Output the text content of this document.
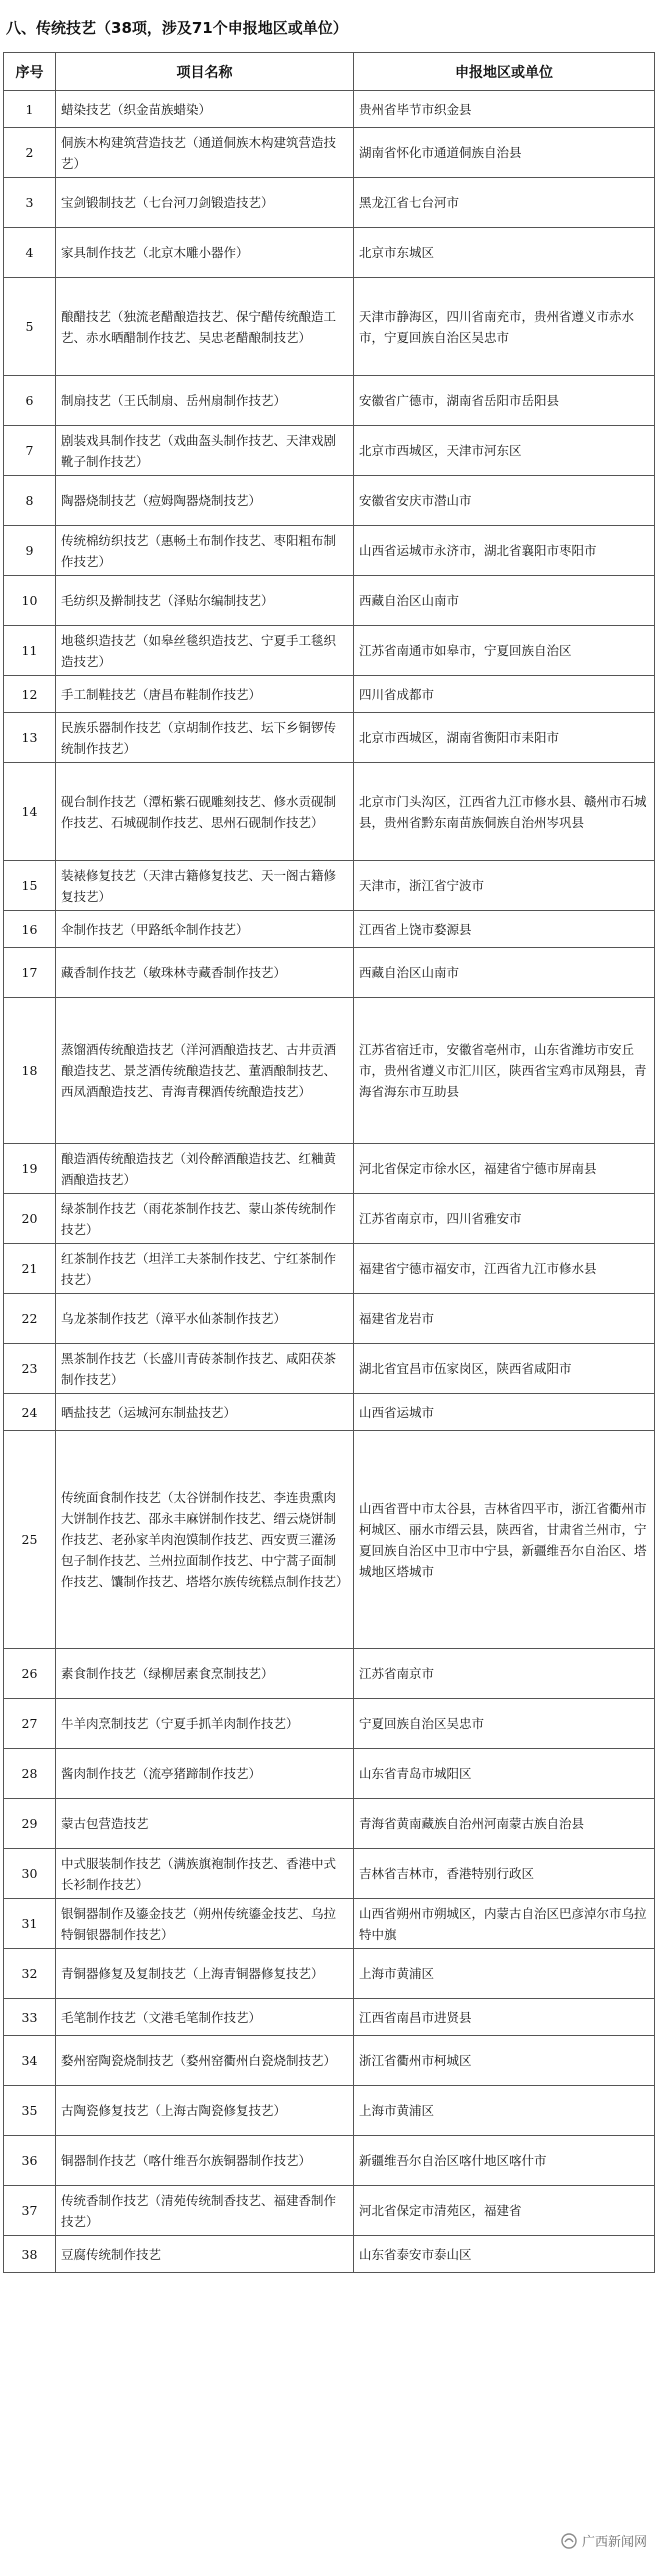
八、传统技艺（38项，涉及71个申报地区或单位）
序号	项目名称	申报地区或单位
1	蜡染技艺（织金苗族蜡染）	贵州省毕节市织金县
2	侗族木构建筑营造技艺（通道侗族木构建筑营造技艺）	湖南省怀化市通道侗族自治县
3	宝剑锻制技艺（七台河刀剑锻造技艺）	黑龙江省七台河市
4	家具制作技艺（北京木雕小器作）	北京市东城区
5	酿醋技艺（独流老醋酿造技艺、保宁醋传统酿造工艺、赤水晒醋制作技艺、吴忠老醋酿制技艺）	天津市静海区，四川省南充市，贵州省遵义市赤水市，宁夏回族自治区吴忠市
6	制扇技艺（王氏制扇、岳州扇制作技艺）	安徽省广德市，湖南省岳阳市岳阳县
7	剧装戏具制作技艺（戏曲盔头制作技艺、天津戏剧靴子制作技艺）	北京市西城区，天津市河东区
8	陶器烧制技艺（痘姆陶器烧制技艺）	安徽省安庆市潜山市
9	传统棉纺织技艺（惠畅土布制作技艺、枣阳粗布制作技艺）	山西省运城市永济市，湖北省襄阳市枣阳市
10	毛纺织及擀制技艺（泽贴尔编制技艺）	西藏自治区山南市
11	地毯织造技艺（如皋丝毯织造技艺、宁夏手工毯织造技艺）	江苏省南通市如皋市，宁夏回族自治区
12	手工制鞋技艺（唐昌布鞋制作技艺）	四川省成都市
13	民族乐器制作技艺（京胡制作技艺、坛下乡铜锣传统制作技艺）	北京市西城区，湖南省衡阳市耒阳市
14	砚台制作技艺（潭柘紫石砚雕刻技艺、修水贡砚制作技艺、石城砚制作技艺、思州石砚制作技艺）	北京市门头沟区，江西省九江市修水县、赣州市石城县，贵州省黔东南苗族侗族自治州岑巩县
15	装裱修复技艺（天津古籍修复技艺、天一阁古籍修复技艺）	天津市，浙江省宁波市
16	伞制作技艺（甲路纸伞制作技艺）	江西省上饶市婺源县
17	藏香制作技艺（敏珠林寺藏香制作技艺）	西藏自治区山南市
18	蒸馏酒传统酿造技艺（洋河酒酿造技艺、古井贡酒酿造技艺、景芝酒传统酿造技艺、董酒酿制技艺、西凤酒酿造技艺、青海青稞酒传统酿造技艺）	江苏省宿迁市，安徽省亳州市，山东省潍坊市安丘市，贵州省遵义市汇川区，陕西省宝鸡市凤翔县，青海省海东市互助县
19	酿造酒传统酿造技艺（刘伶醉酒酿造技艺、红粬黄酒酿造技艺）	河北省保定市徐水区，福建省宁德市屏南县
20	绿茶制作技艺（雨花茶制作技艺、蒙山茶传统制作技艺）	江苏省南京市，四川省雅安市
21	红茶制作技艺（坦洋工夫茶制作技艺、宁红茶制作技艺）	福建省宁德市福安市，江西省九江市修水县
22	乌龙茶制作技艺（漳平水仙茶制作技艺）	福建省龙岩市
23	黑茶制作技艺（长盛川青砖茶制作技艺、咸阳茯茶制作技艺）	湖北省宜昌市伍家岗区，陕西省咸阳市
24	晒盐技艺（运城河东制盐技艺）	山西省运城市
25	传统面食制作技艺（太谷饼制作技艺、李连贵熏肉大饼制作技艺、邵永丰麻饼制作技艺、缙云烧饼制作技艺、老孙家羊肉泡馍制作技艺、西安贾三灌汤包子制作技艺、兰州拉面制作技艺、中宁蒿子面制作技艺、馕制作技艺、塔塔尔族传统糕点制作技艺）	山西省晋中市太谷县，吉林省四平市，浙江省衢州市柯城区、丽水市缙云县，陕西省，甘肃省兰州市，宁夏回族自治区中卫市中宁县，新疆维吾尔自治区、塔城地区塔城市
26	素食制作技艺（绿柳居素食烹制技艺）	江苏省南京市
27	牛羊肉烹制技艺（宁夏手抓羊肉制作技艺）	宁夏回族自治区吴忠市
28	酱肉制作技艺（流亭猪蹄制作技艺）	山东省青岛市城阳区
29	蒙古包营造技艺	青海省黄南藏族自治州河南蒙古族自治县
30	中式服装制作技艺（满族旗袍制作技艺、香港中式长衫制作技艺）	吉林省吉林市，香港特别行政区
31	银铜器制作及鎏金技艺（朔州传统鎏金技艺、乌拉特铜银器制作技艺）	山西省朔州市朔城区，内蒙古自治区巴彦淖尔市乌拉特中旗
32	青铜器修复及复制技艺（上海青铜器修复技艺）	上海市黄浦区
33	毛笔制作技艺（文港毛笔制作技艺）	江西省南昌市进贤县
34	婺州窑陶瓷烧制技艺（婺州窑衢州白瓷烧制技艺）	浙江省衢州市柯城区
35	古陶瓷修复技艺（上海古陶瓷修复技艺）	上海市黄浦区
36	铜器制作技艺（喀什维吾尔族铜器制作技艺）	新疆维吾尔自治区喀什地区喀什市
37	传统香制作技艺（清苑传统制香技艺、福建香制作技艺）	河北省保定市清苑区，福建省
38	豆腐传统制作技艺	山东省泰安市泰山区
广西新闻网
